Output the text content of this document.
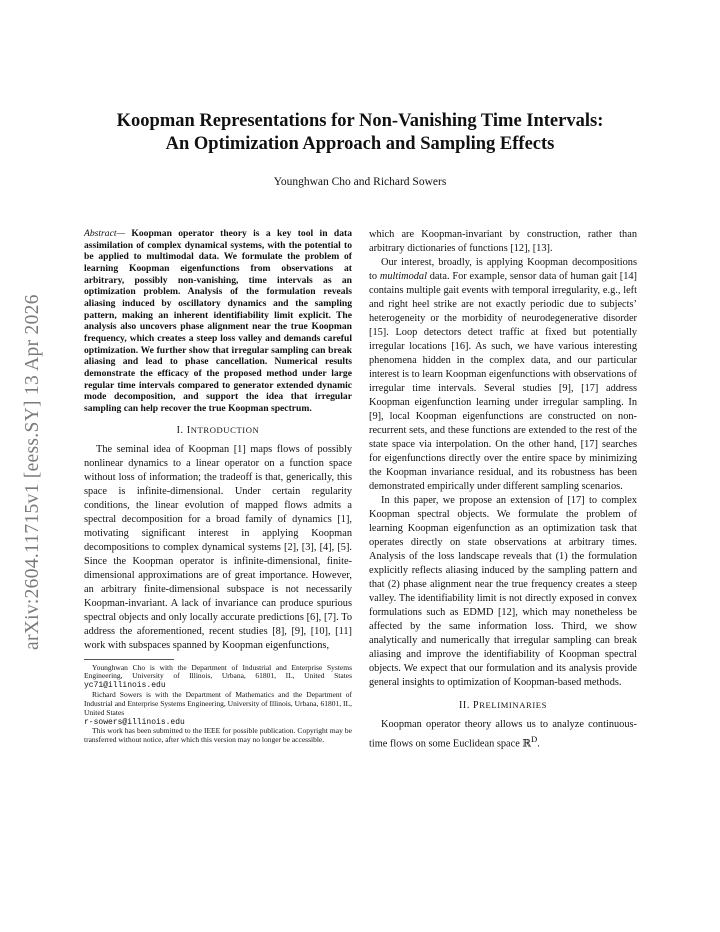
arXiv:2604.11715v1 [eess.SY] 13 Apr 2026
Koopman Representations for Non-Vanishing Time Intervals:
An Optimization Approach and Sampling Effects
Younghwan Cho and Richard Sowers

Abstract— Koopman operator theory is a key tool in data assimilation of complex dynamical systems, with the potential to be applied to multimodal data. We formulate the problem of learning Koopman eigenfunctions from observations at arbitrary, possibly non-vanishing, time intervals as an optimization problem. Analysis of the formulation reveals aliasing induced by oscillatory dynamics and the sampling pattern, making an inherent identifiability limit explicit. The analysis also uncovers phase alignment near the true Koopman frequency, which creates a steep loss valley and demands careful optimization. We further show that irregular sampling can break aliasing and lead to phase cancellation. Numerical results demonstrate the efficacy of the proposed method under large regular time intervals compared to generator extended dynamic mode decomposition, and support the idea that irregular sampling can help recover the true Koopman spectrum.

I. INTRODUCTION

The seminal idea of Koopman [1] maps flows of possibly nonlinear dynamics to a linear operator on a function space without loss of information; the tradeoff is that, generically, this space is infinite-dimensional. Under certain regularity conditions, the linear evolution of mapped flows admits a spectral decomposition for a broad family of dynamics [1], motivating significant interest in applying Koopman decompositions to complex dynamical systems [2], [3], [4], [5]. Since the Koopman operator is infinite-dimensional, finite-dimensional approximations are of great importance. However, an arbitrary finite-dimensional subspace is not necessarily Koopman-invariant. A lack of invariance can produce spurious spectral objects and only locally accurate predictions [6], [7]. To address the aforementioned, recent studies [8], [9], [10], [11] work with subspaces spanned by Koopman eigenfunctions,

Younghwan Cho is with the Department of Industrial and Enterprise Systems Engineering, University of Illinois, Urbana, 61801, IL, United States yc71@illinois.edu

Richard Sowers is with the Department of Mathematics and the Department of Industrial and Enterprise Systems Engineering, University of Illinois, Urbana, 61801, IL, United States

r-sowers@illinois.edu

This work has been submitted to the IEEE for possible publication. Copyright may be transferred without notice, after which this version may no longer be accessible.

which are Koopman-invariant by construction, rather than arbitrary dictionaries of functions [12], [13].

Our interest, broadly, is applying Koopman decompositions to multimodal data. For example, sensor data of human gait [14] contains multiple gait events with temporal irregularity, e.g., left and right heel strike are not exactly periodic due to subjects’ heterogeneity or the morbidity of neurodegenerative disorder [15]. Loop detectors detect traffic at fixed but potentially irregular locations [16]. As such, we have various interesting phenomena hidden in the complex data, and our particular interest is to learn Koopman eigenfunctions with observations of irregular time intervals. Several studies [9], [17] address Koopman eigenfunction learning under irregular sampling. In [9], local Koopman eigenfunctions are constructed on non-recurrent sets, and these functions are extended to the rest of the state space via interpolation. On the other hand, [17] searches for eigenfunctions directly over the entire space by minimizing the Koopman invariance residual, and its robustness has been demonstrated empirically under different sampling scenarios.

In this paper, we propose an extension of [17] to complex Koopman spectral objects. We formulate the problem of learning Koopman eigenfunction as an optimization task that operates directly on state observations at arbitrary times. Analysis of the loss landscape reveals that (1) the formulation explicitly reflects aliasing induced by the sampling pattern and that (2) phase alignment near the true frequency creates a steep valley. The identifiability limit is not directly exposed in convex formulations such as EDMD [12], which may nonetheless be affected by the same information loss. Third, we show analytically and numerically that irregular sampling can break aliasing and improve the identifiability of Koopman spectral objects. We expect that our formulation and its analysis provide general insights to optimization of Koopman-based methods.

II. PRELIMINARIES

Koopman operator theory allows us to analyze continuous-time flows on some Euclidean space ℝ$^D$.
